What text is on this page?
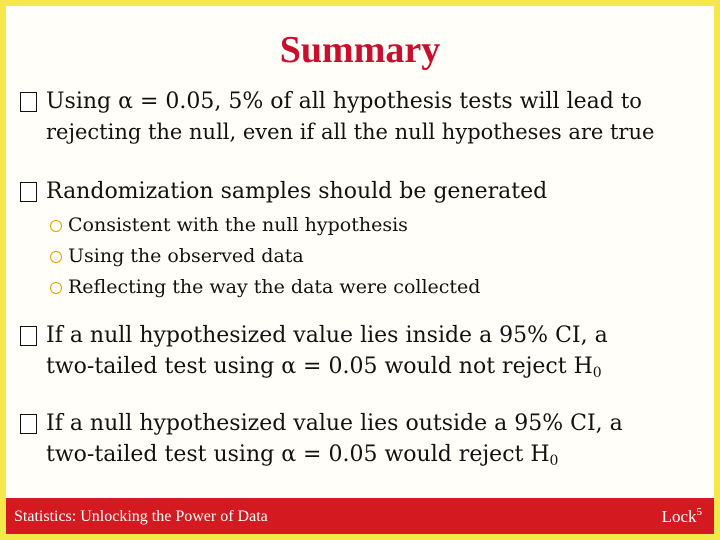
Summary
Using α = 0.05, 5% of all hypothesis tests will lead to
rejecting the null, even if all the null hypotheses are true
Randomization samples should be generated
Consistent with the null hypothesis
Using the observed data
Reflecting the way the data were collected
If a null hypothesized value lies inside a 95% CI, a
two-tailed test using α = 0.05 would not reject $H_0$
If a null hypothesized value lies outside a 95% CI, a
two-tailed test using α = 0.05 would reject $H_0$
Statistics: Unlocking the Power of Data	Lock$^5$
